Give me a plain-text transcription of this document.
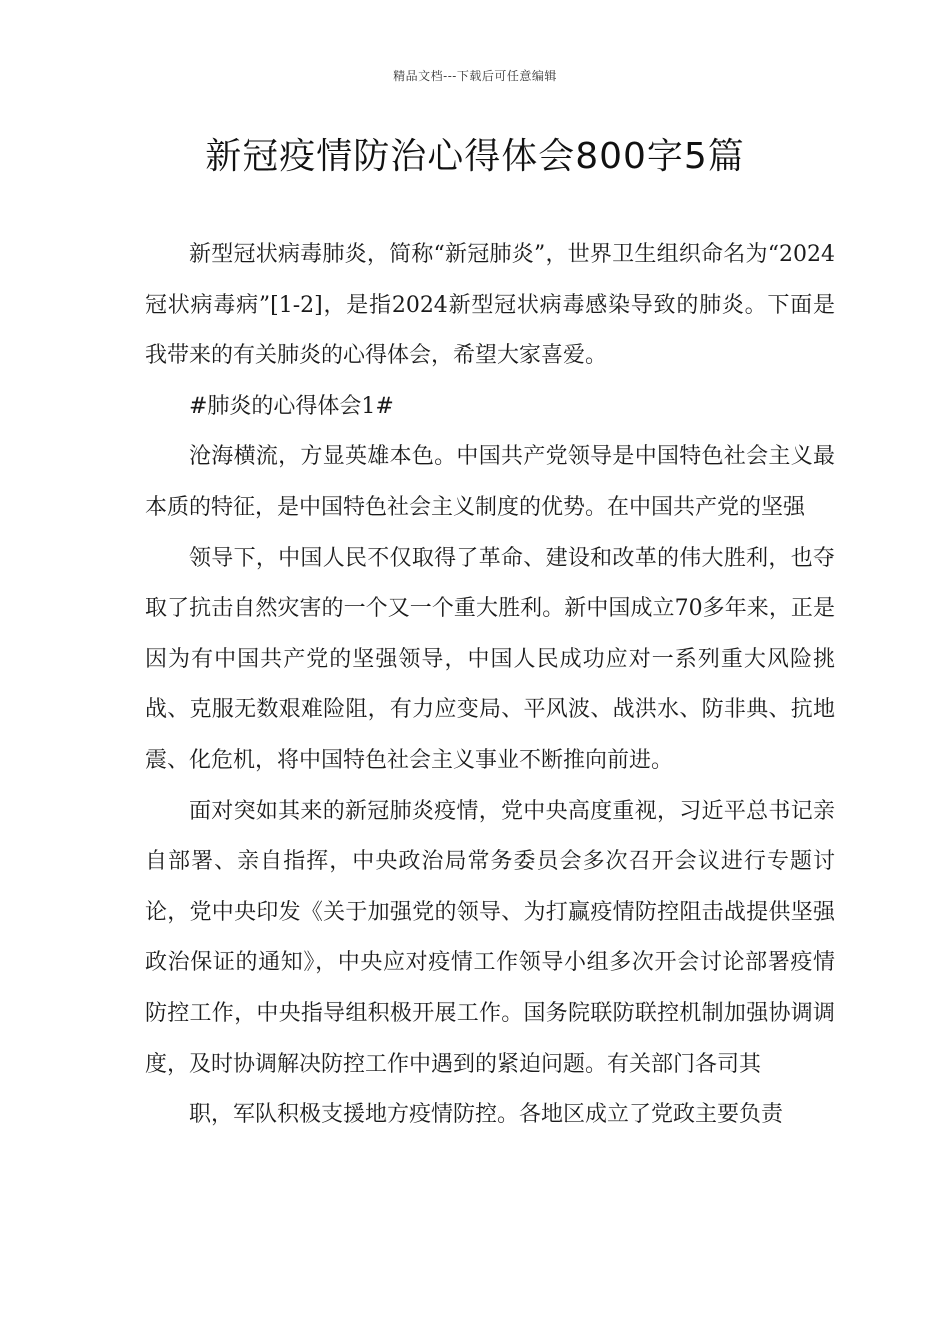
精品文档---下载后可任意编辑
新冠疫情防治心得体会800字5篇

新型冠状病毒肺炎，简称“新冠肺炎”，世界卫生组织命名为“2024冠状病毒病”[1-2]，是指2024新型冠状病毒感染导致的肺炎。下面是我带来的有关肺炎的心得体会，希望大家喜爱。

#肺炎的心得体会1#

沧海横流，方显英雄本色。中国共产党领导是中国特色社会主义最本质的特征，是中国特色社会主义制度的优势。在中国共产党的坚强

领导下，中国人民不仅取得了革命、建设和改革的伟大胜利，也夺取了抗击自然灾害的一个又一个重大胜利。新中国成立70多年来，正是因为有中国共产党的坚强领导，中国人民成功应对一系列重大风险挑战、克服无数艰难险阻，有力应变局、平风波、战洪水、防非典、抗地震、化危机，将中国特色社会主义事业不断推向前进。

面对突如其来的新冠肺炎疫情，党中央高度重视，习近平总书记亲自部署、亲自指挥，中央政治局常务委员会多次召开会议进行专题讨论，党中央印发《关于加强党的领导、为打赢疫情防控阻击战提供坚强政治保证的通知》，中央应对疫情工作领导小组多次开会讨论部署疫情防控工作，中央指导组积极开展工作。国务院联防联控机制加强协调调度，及时协调解决防控工作中遇到的紧迫问题。有关部门各司其

职，军队积极支援地方疫情防控。各地区成立了党政主要负责
